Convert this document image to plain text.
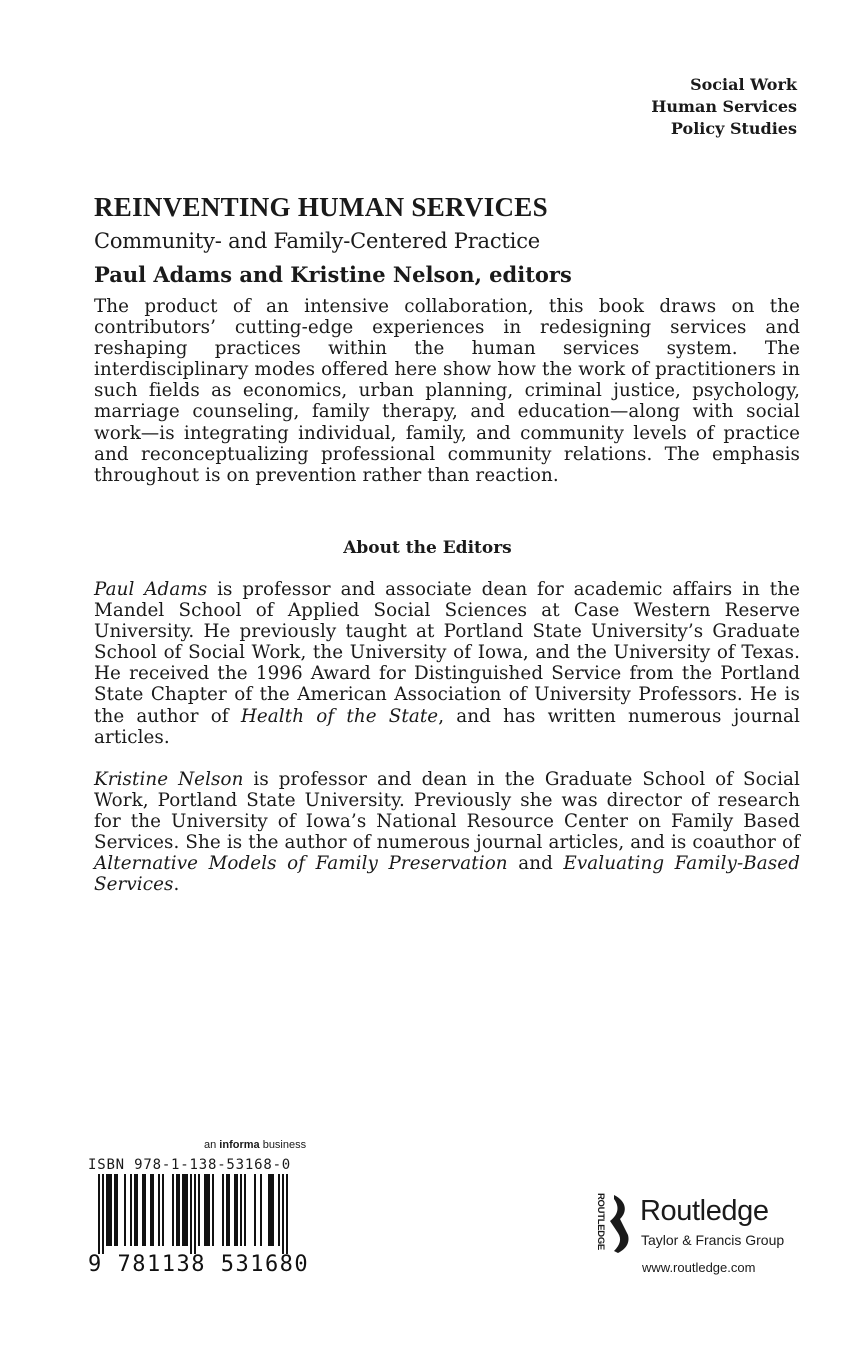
Social Work
Human Services
Policy Studies
REINVENTING HUMAN SERVICES
Community- and Family-Centered Practice
Paul Adams and Kristine Nelson, editors
The product of an intensive collaboration, this book draws on the contributors’ cutting-edge experiences in redesigning services and reshaping practices within the human services system. The interdisciplinary modes offered here show how the work of practitioners in such fields as economics, urban planning, criminal justice, psychology, marriage counseling, family therapy, and education—along with social work—is integrating individual, family, and community levels of practice and reconceptualizing professional community relations. The emphasis throughout is on prevention rather than reaction.
About the Editors
Paul Adams is professor and associate dean for academic affairs in the Mandel School of Applied Social Sciences at Case Western Reserve University. He previously taught at Portland State University’s Graduate School of Social Work, the University of Iowa, and the University of Texas. He received the 1996 Award for Distinguished Service from the Portland State Chapter of the American Association of University Professors. He is the author of Health of the State, and has written numerous journal articles.
Kristine Nelson is professor and dean in the Graduate School of Social Work, Portland State University. Previously she was director of research for the University of Iowa’s National Resource Center on Family Based Services. She is the author of numerous journal articles, and is coauthor of Alternative Models of Family Preservation and Evaluating Family-Based Services.
an informa business
ISBN 978-1-138-53168-0
9 781138 531680
ROUTLEDGE Routledge
Taylor & Francis Group
www.routledge.com
